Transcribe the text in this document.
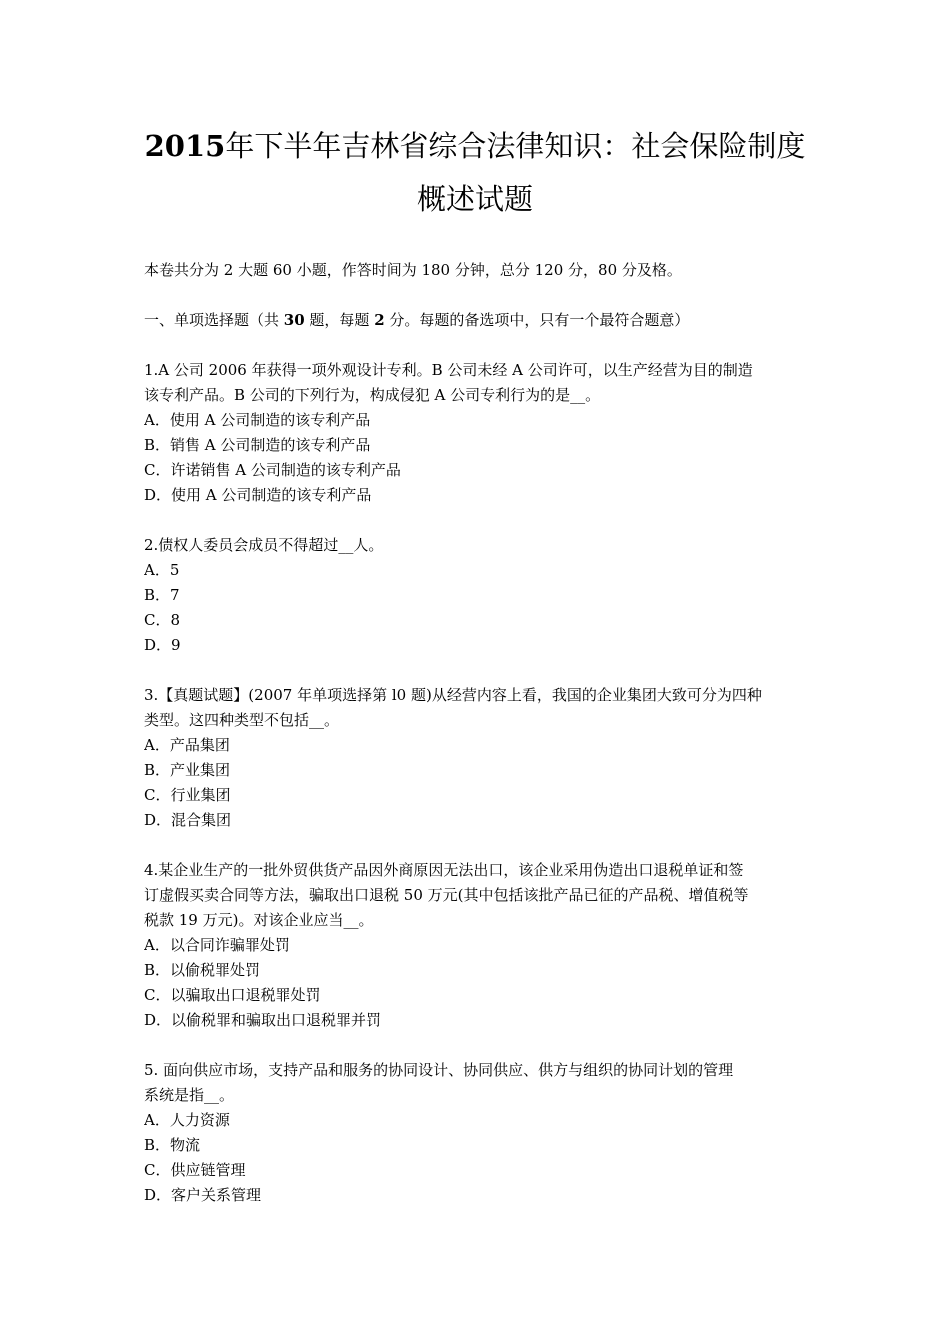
2015年下半年吉林省综合法律知识：社会保险制度
概述试题
本卷共分为 2 大题 60 小题，作答时间为 180 分钟，总分 120 分，80 分及格。
一、单项选择题（共 30 题，每题 2 分。每题的备选项中，只有一个最符合题意）
1.A 公司 2006 年获得一项外观设计专利。B 公司未经 A 公司许可，以生产经营为目的制造
该专利产品。B 公司的下列行为，构成侵犯 A 公司专利行为的是__。
A．使用 A 公司制造的该专利产品
B．销售 A 公司制造的该专利产品
C．许诺销售 A 公司制造的该专利产品
D．使用 A 公司制造的该专利产品
2.债权人委员会成员不得超过__人。
A．5
B．7
C．8
D．9
3.【真题试题】(2007 年单项选择第 l0 题)从经营内容上看，我国的企业集团大致可分为四种
类型。这四种类型不包括__。
A．产品集团
B．产业集团
C．行业集团
D．混合集团
4.某企业生产的一批外贸供货产品因外商原因无法出口，该企业采用伪造出口退税单证和签
订虚假买卖合同等方法，骗取出口退税 50 万元(其中包括该批产品已征的产品税、增值税等
税款 19 万元)。对该企业应当__。
A．以合同诈骗罪处罚
B．以偷税罪处罚
C．以骗取出口退税罪处罚
D．以偷税罪和骗取出口退税罪并罚
5. 面向供应市场，支持产品和服务的协同设计、协同供应、供方与组织的协同计划的管理
系统是指__。
A．人力资源
B．物流
C．供应链管理
D．客户关系管理
